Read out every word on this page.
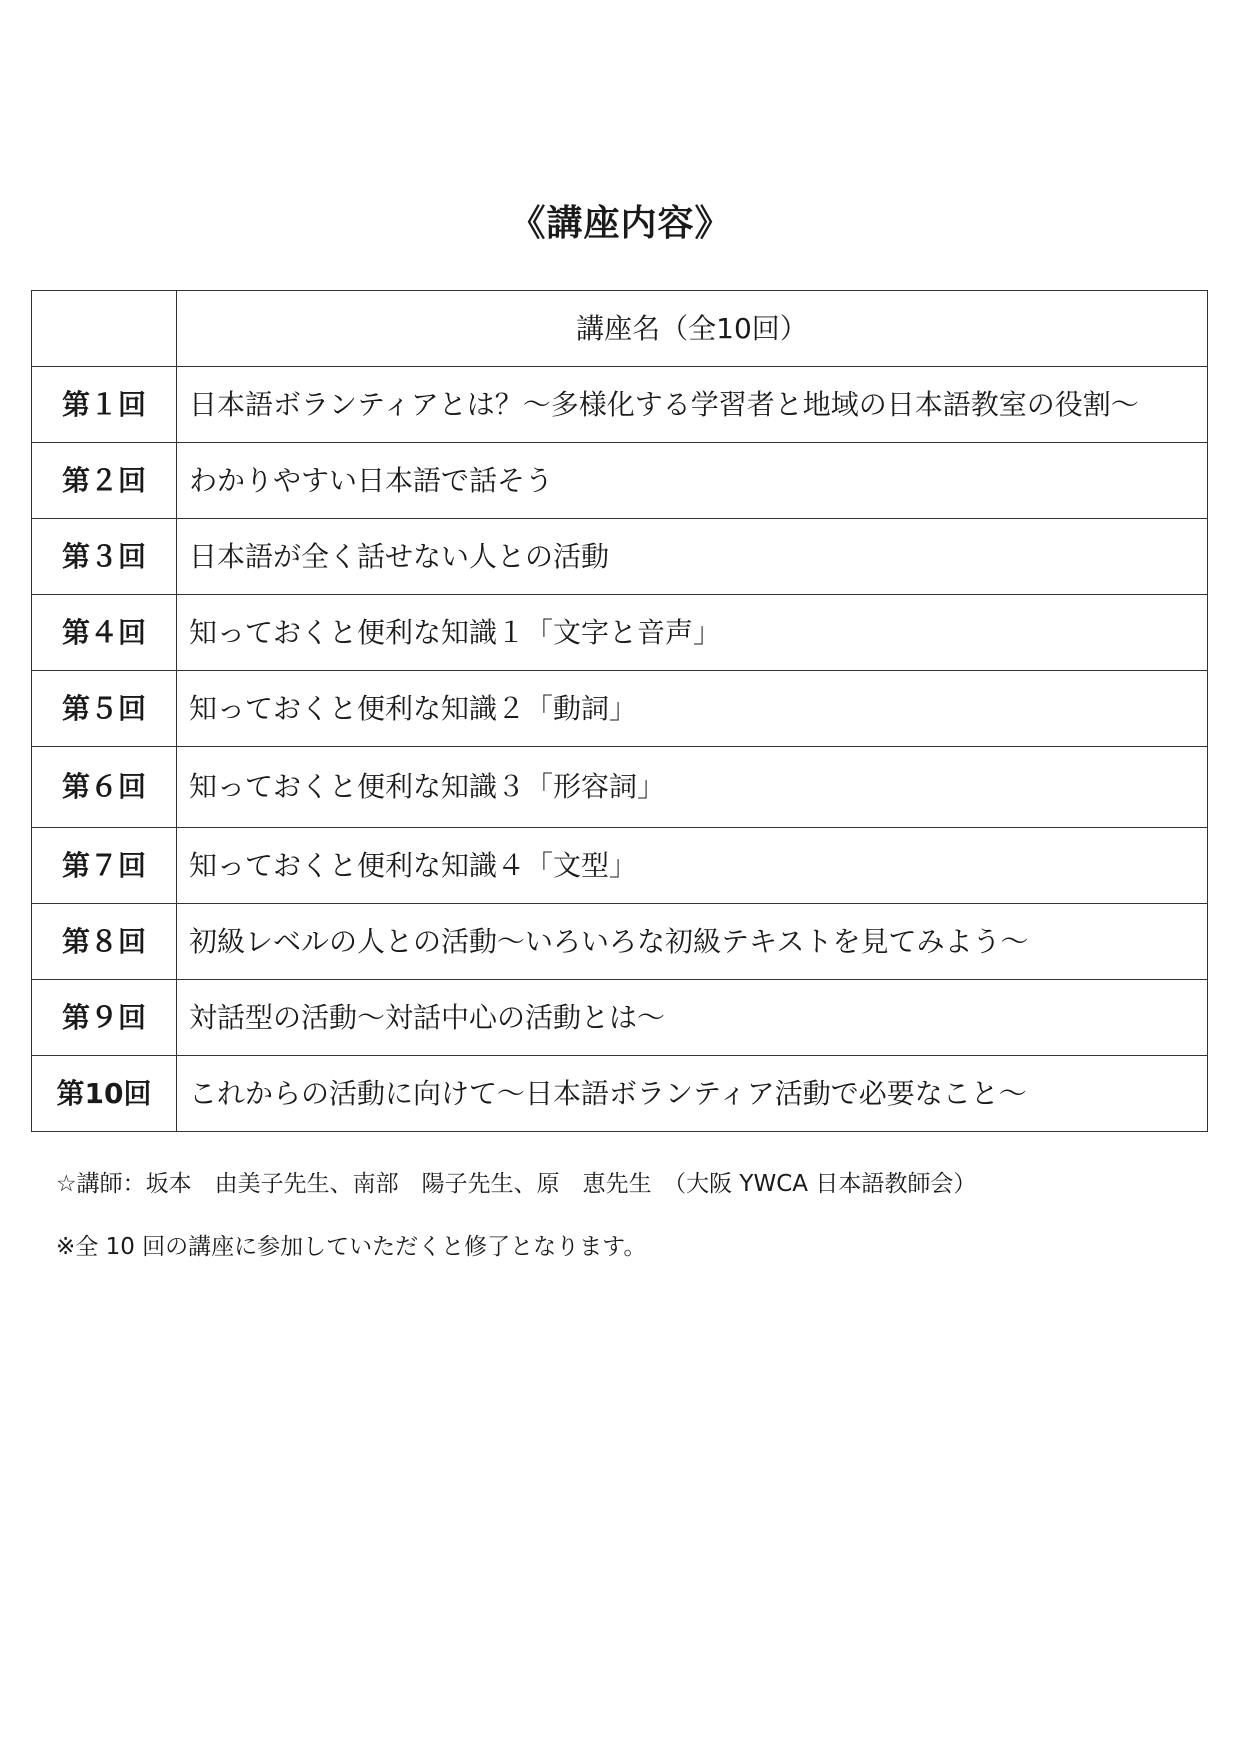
《講座内容》
	講座名（全10回）
第１回	日本語ボランティアとは？～多様化する学習者と地域の日本語教室の役割～
第２回	わかりやすい日本語で話そう
第３回	日本語が全く話せない人との活動
第４回	知っておくと便利な知識１「文字と音声」
第５回	知っておくと便利な知識２「動詞」
第６回	知っておくと便利な知識３「形容詞」
第７回	知っておくと便利な知識４「文型」
第８回	初級レベルの人との活動～いろいろな初級テキストを見てみよう～
第９回	対話型の活動～対話中心の活動とは～
第10回	これからの活動に向けて～日本語ボランティア活動で必要なこと～
☆講師：坂本　由美子先生、南部　陽子先生、原　恵先生　（大阪 YWCA 日本語教師会）
※全 10 回の講座に参加していただくと修了となります。
